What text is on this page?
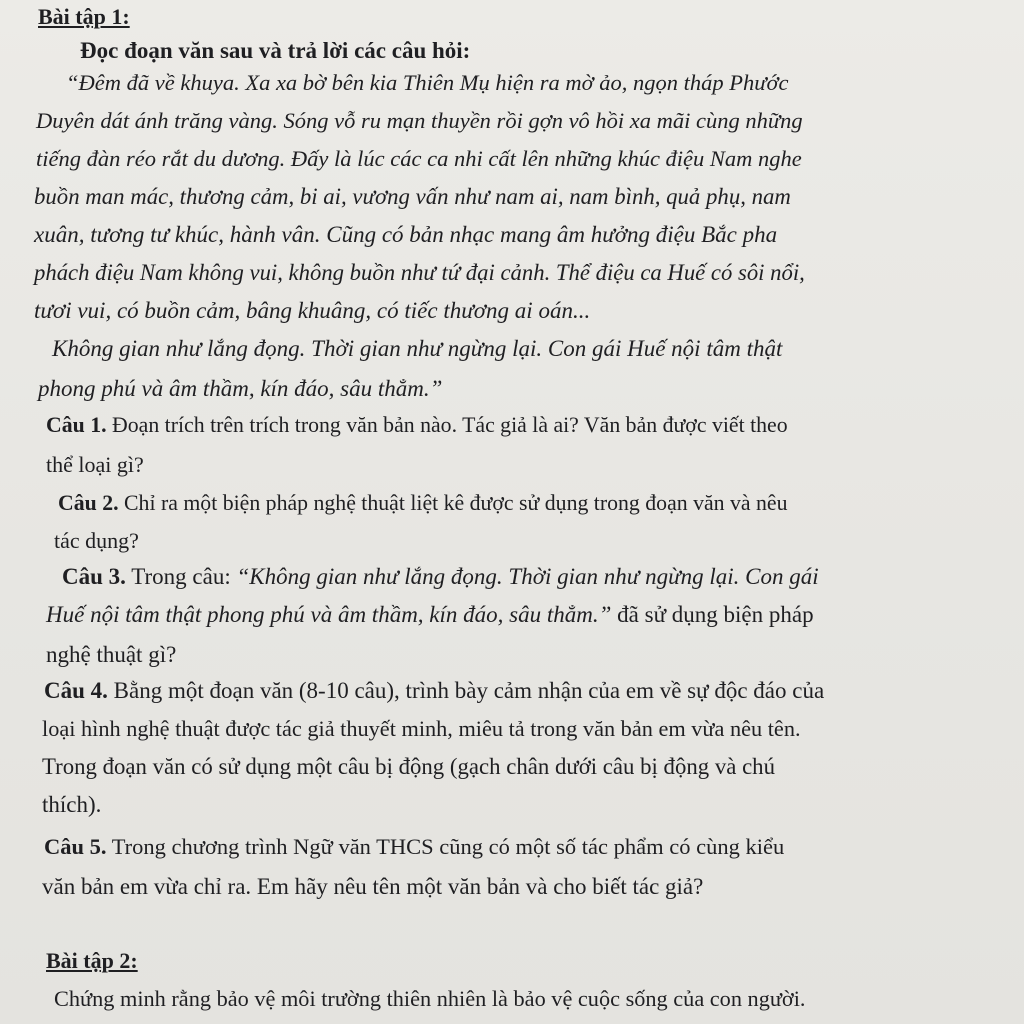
Bài tập 1:
Đọc đoạn văn sau và trả lời các câu hỏi:
“Đêm đã về khuya. Xa xa bờ bên kia Thiên Mụ hiện ra mờ ảo, ngọn tháp Phước
Duyên dát ánh trăng vàng. Sóng vỗ ru mạn thuyền rồi gợn vô hồi xa mãi cùng những
tiếng đàn réo rắt du dương. Đấy là lúc các ca nhi cất lên những khúc điệu Nam nghe
buồn man mác, thương cảm, bi ai, vương vấn như nam ai, nam bình, quả phụ, nam
xuân, tương tư khúc, hành vân. Cũng có bản nhạc mang âm hưởng điệu Bắc pha
phách điệu Nam không vui, không buồn như tứ đại cảnh. Thể điệu ca Huế có sôi nổi,
tươi vui, có buồn cảm, bâng khuâng, có tiếc thương ai oán...
Không gian như lắng đọng. Thời gian như ngừng lại. Con gái Huế nội tâm thật
phong phú và âm thầm, kín đáo, sâu thẳm.”
Câu 1. Đoạn trích trên trích trong văn bản nào. Tác giả là ai? Văn bản được viết theo
thể loại gì?
Câu 2. Chỉ ra một biện pháp nghệ thuật liệt kê được sử dụng trong đoạn văn và nêu
tác dụng?
Câu 3. Trong câu: “Không gian như lắng đọng. Thời gian như ngừng lại. Con gái
Huế nội tâm thật phong phú và âm thầm, kín đáo, sâu thẳm.” đã sử dụng biện pháp
nghệ thuật gì?
Câu 4. Bằng một đoạn văn (8-10 câu), trình bày cảm nhận của em về sự độc đáo của
loại hình nghệ thuật được tác giả thuyết minh, miêu tả trong văn bản em vừa nêu tên.
Trong đoạn văn có sử dụng một câu bị động (gạch chân dưới câu bị động và chú
thích).
Câu 5. Trong chương trình Ngữ văn THCS cũng có một số tác phẩm có cùng kiểu
văn bản em vừa chỉ ra. Em hãy nêu tên một văn bản và cho biết tác giả?
Bài tập 2:
Chứng minh rằng bảo vệ môi trường thiên nhiên là bảo vệ cuộc sống của con người.
